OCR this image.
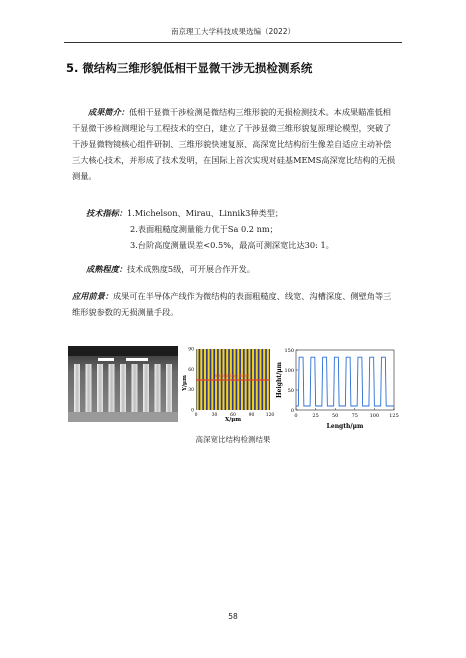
南京理工大学科技成果选编（2022）
5. 微结构三维形貌低相干显微干涉无损检测系统
成果简介：低相干显微干涉检测是微结构三维形貌的无损检测技术。本成果瞄准低相干显微干涉检测理论与工程技术的空白，建立了干涉显微三维形貌复原理论模型，突破了干涉显微物镜核心组件研制、三维形貌快速复原、高深宽比结构衍生像差自适应主动补偿三大核心技术，并形成了技术发明，在国际上首次实现对硅基MEMS高深宽比结构的无损测量。
技术指标：1.Michelson、Mirau、Linnik3种类型；
2.表面粗糙度测量能力优于Sa 0.2 nm；
3.台阶高度测量误差<0.5%，最高可测深宽比达30: 1。
成熟程度：技术成熟度5级，可开展合作开发。
应用前景：成果可在半导体产线作为微结构的表面粗糙度、线宽、沟槽深度、侧壁角等三维形貌参数的无损测量手段。
sampling line
Y/μm
X/μm
0	30	60	90	120
0
30
60
90
0	25	50	75 100 125
0
50
100
150
Length/μm
Height/μm
高深宽比结构检测结果
58
